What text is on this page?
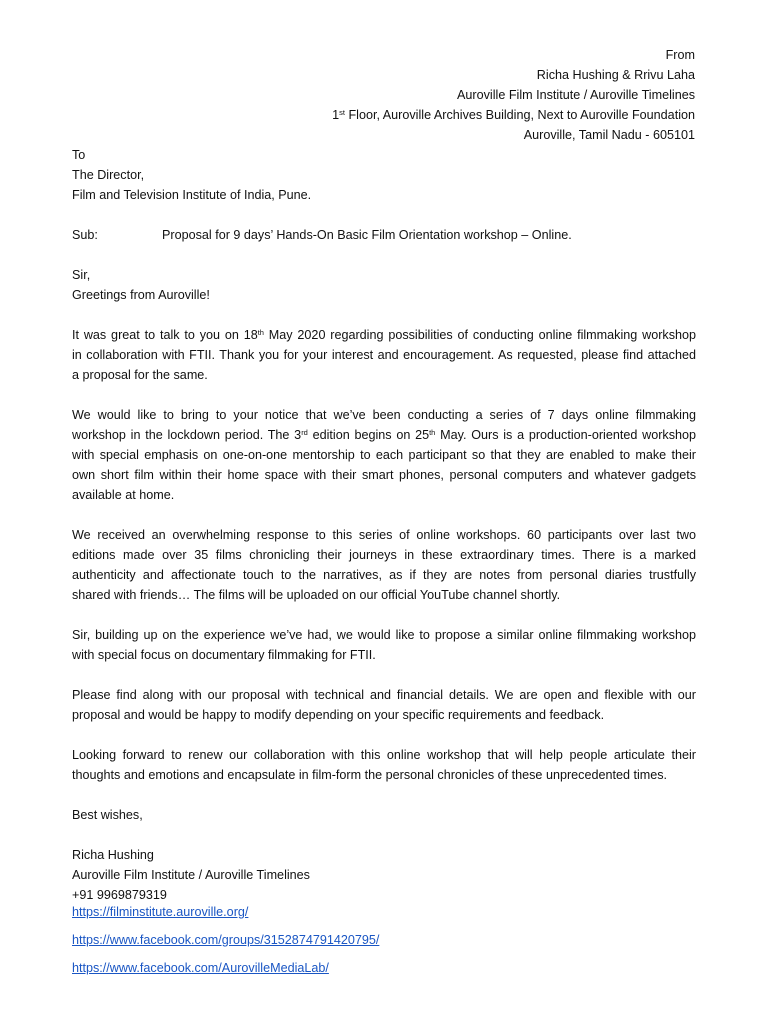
From
Richa Hushing & Rrivu Laha
Auroville Film Institute / Auroville Timelines
1st Floor, Auroville Archives Building, Next to Auroville Foundation
Auroville, Tamil Nadu - 605101
To
The Director,
Film and Television Institute of India, Pune.
Sub:	Proposal for 9 days’ Hands-On Basic Film Orientation workshop – Online.
Sir,
Greetings from Auroville!
It was great to talk to you on 18th May 2020 regarding possibilities of conducting online filmmaking workshop
in collaboration with FTII. Thank you for your interest and encouragement. As requested, please find attached
a proposal for the same.
We would like to bring to your notice that we’ve been conducting a series of 7 days online filmmaking
workshop in the lockdown period. The 3rd edition begins on 25th May. Ours is a production-oriented workshop
with special emphasis on one-on-one mentorship to each participant so that they are enabled to make their
own short film within their home space with their smart phones, personal computers and whatever gadgets
available at home.
We received an overwhelming response to this series of online workshops. 60 participants over last two
editions made over 35 films chronicling their journeys in these extraordinary times. There is a marked
authenticity and affectionate touch to the narratives, as if they are notes from personal diaries trustfully
shared with friends… The films will be uploaded on our official YouTube channel shortly.
Sir, building up on the experience we’ve had, we would like to propose a similar online filmmaking workshop
with special focus on documentary filmmaking for FTII.
Please find along with our proposal with technical and financial details. We are open and flexible with our
proposal and would be happy to modify depending on your specific requirements and feedback.
Looking forward to renew our collaboration with this online workshop that will help people articulate their
thoughts and emotions and encapsulate in film-form the personal chronicles of these unprecedented times.
Best wishes,
Richa Hushing
Auroville Film Institute / Auroville Timelines
+91 9969879319
https://filminstitute.auroville.org/
https://www.facebook.com/groups/3152874791420795/
https://www.facebook.com/AurovilleMediaLab/
